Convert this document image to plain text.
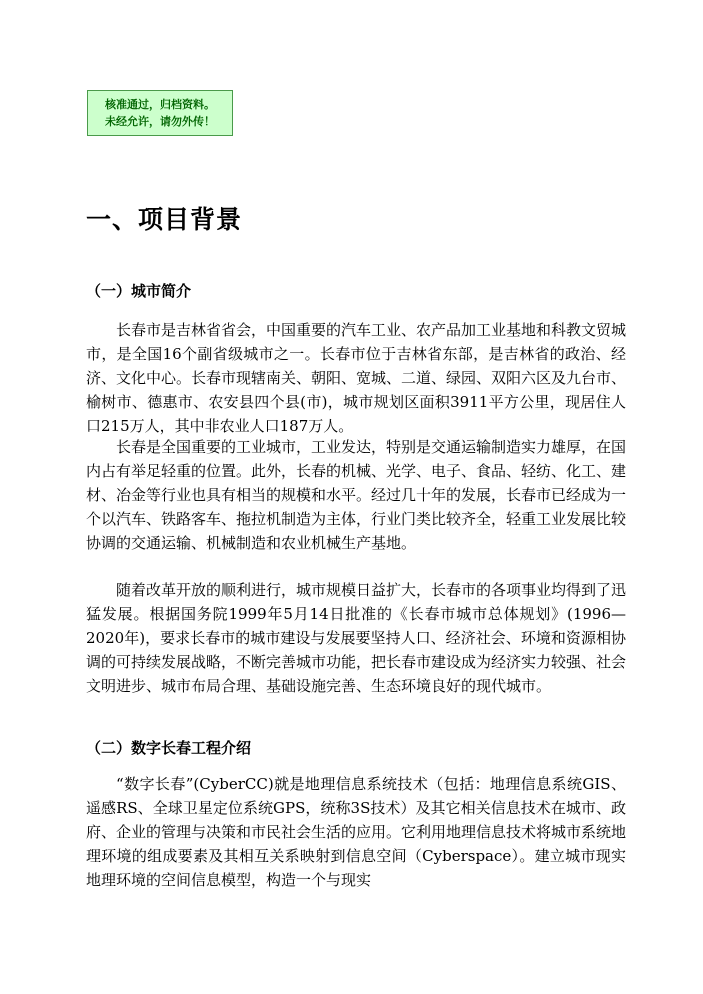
核准通过，归档资料。
未经允许，请勿外传！
一、项目背景
（一）城市简介

长春市是吉林省省会，中国重要的汽车工业、农产品加工业基地和科教文贸城市，是全国16个副省级城市之一。长春市位于吉林省东部，是吉林省的政治、经济、文化中心。长春市现辖南关、朝阳、宽城、二道、绿园、双阳六区及九台市、榆树市、德惠市、农安县四个县(市)，城市规划区面积3911平方公里，现居住人口215万人，其中非农业人口187万人。

长春是全国重要的工业城市，工业发达，特别是交通运输制造实力雄厚，在国内占有举足轻重的位置。此外，长春的机械、光学、电子、食品、轻纺、化工、建材、冶金等行业也具有相当的规模和水平。经过几十年的发展，长春市已经成为一个以汽车、铁路客车、拖拉机制造为主体，行业门类比较齐全，轻重工业发展比较协调的交通运输、机械制造和农业机械生产基地。

随着改革开放的顺利进行，城市规模日益扩大，长春市的各项事业均得到了迅猛发展。根据国务院1999年5月14日批准的《长春市城市总体规划》(1996—2020年)，要求长春市的城市建设与发展要坚持人口、经济社会、环境和资源相协调的可持续发展战略，不断完善城市功能，把长春市建设成为经济实力较强、社会文明进步、城市布局合理、基础设施完善、生态环境良好的现代城市。

（二）数字长春工程介绍

“数字长春”(CyberCC)就是地理信息系统技术（包括：地理信息系统GIS、遥感RS、全球卫星定位系统GPS，统称3S技术）及其它相关信息技术在城市、政府、企业的管理与决策和市民社会生活的应用。它利用地理信息技术将城市系统地理环境的组成要素及其相互关系映射到信息空间（Cyberspace）。建立城市现实地理环境的空间信息模型，构造一个与现实
